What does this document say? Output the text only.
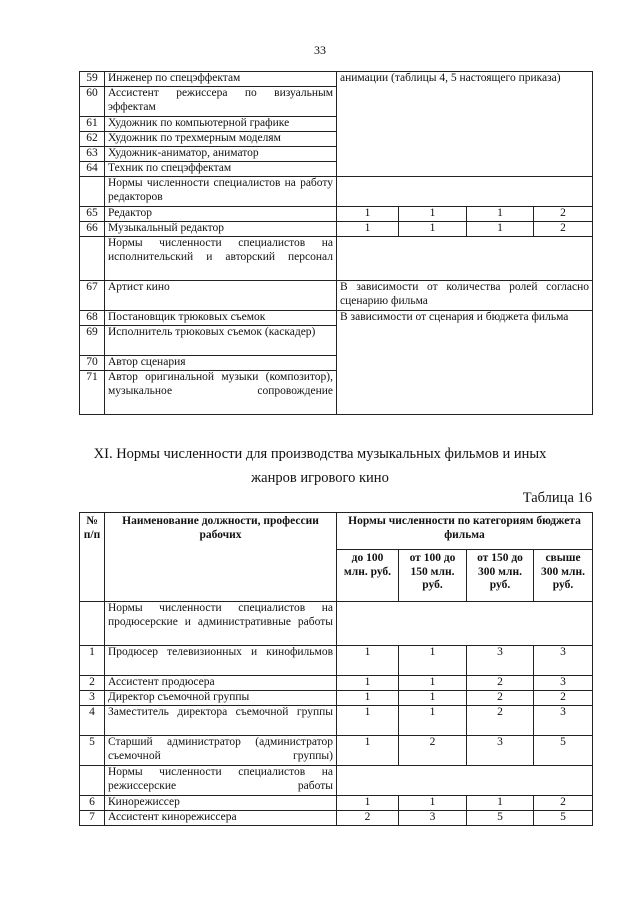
33
59	Инженер по спецэффектам	анимации (таблицы 4, 5 настоящего приказа)			
60	Ассистент режиссера по визуальным эффектам				
61	Художник по компьютерной графике				
62	Художник по трехмерным моделям				
63	Художник-аниматор, аниматор				
64	Техник по спецэффектам				
	Нормы численности специалистов на работу редакторов				
65	Редактор	1	1	1	2
66	Музыкальный редактор	1	1	1	2
	Нормы численности специалистов на исполнительский и авторский персонал				
67	Артист кино	В зависимости от количества ролей согласно сценарию фильма			
68	Постановщик трюковых съемок	В зависимости от сценария и бюджета фильма			
69	Исполнитель трюковых съемок (каскадер)				
70	Автор сценария				
71	Автор оригинальной музыки (композитор), музыкальное сопровождение				
XI. Нормы численности для производства музыкальных фильмов и иных
жанров игрового кино
Таблица 16
№ п/п	Наименование должности, профессии рабочих	Нормы численности по категориям бюджета фильма			
		до 100 млн. руб.	от 100 до 150 млн. руб.	от 150 до 300 млн. руб.	свыше 300 млн. руб.
	Нормы численности специалистов на продюсерские и административные работы				
1	Продюсер телевизионных и кинофильмов	1	1	3	3
2	Ассистент продюсера	1	1	2	3
3	Директор съемочной группы	1	1	2	2
4	Заместитель директора съемочной группы	1	1	2	3
5	Старший администратор (администратор съемочной группы)	1	2	3	5
	Нормы численности специалистов на режиссерские работы				
6	Кинорежиссер	1	1	1	2
7	Ассистент кинорежиссера	2	3	5	5
